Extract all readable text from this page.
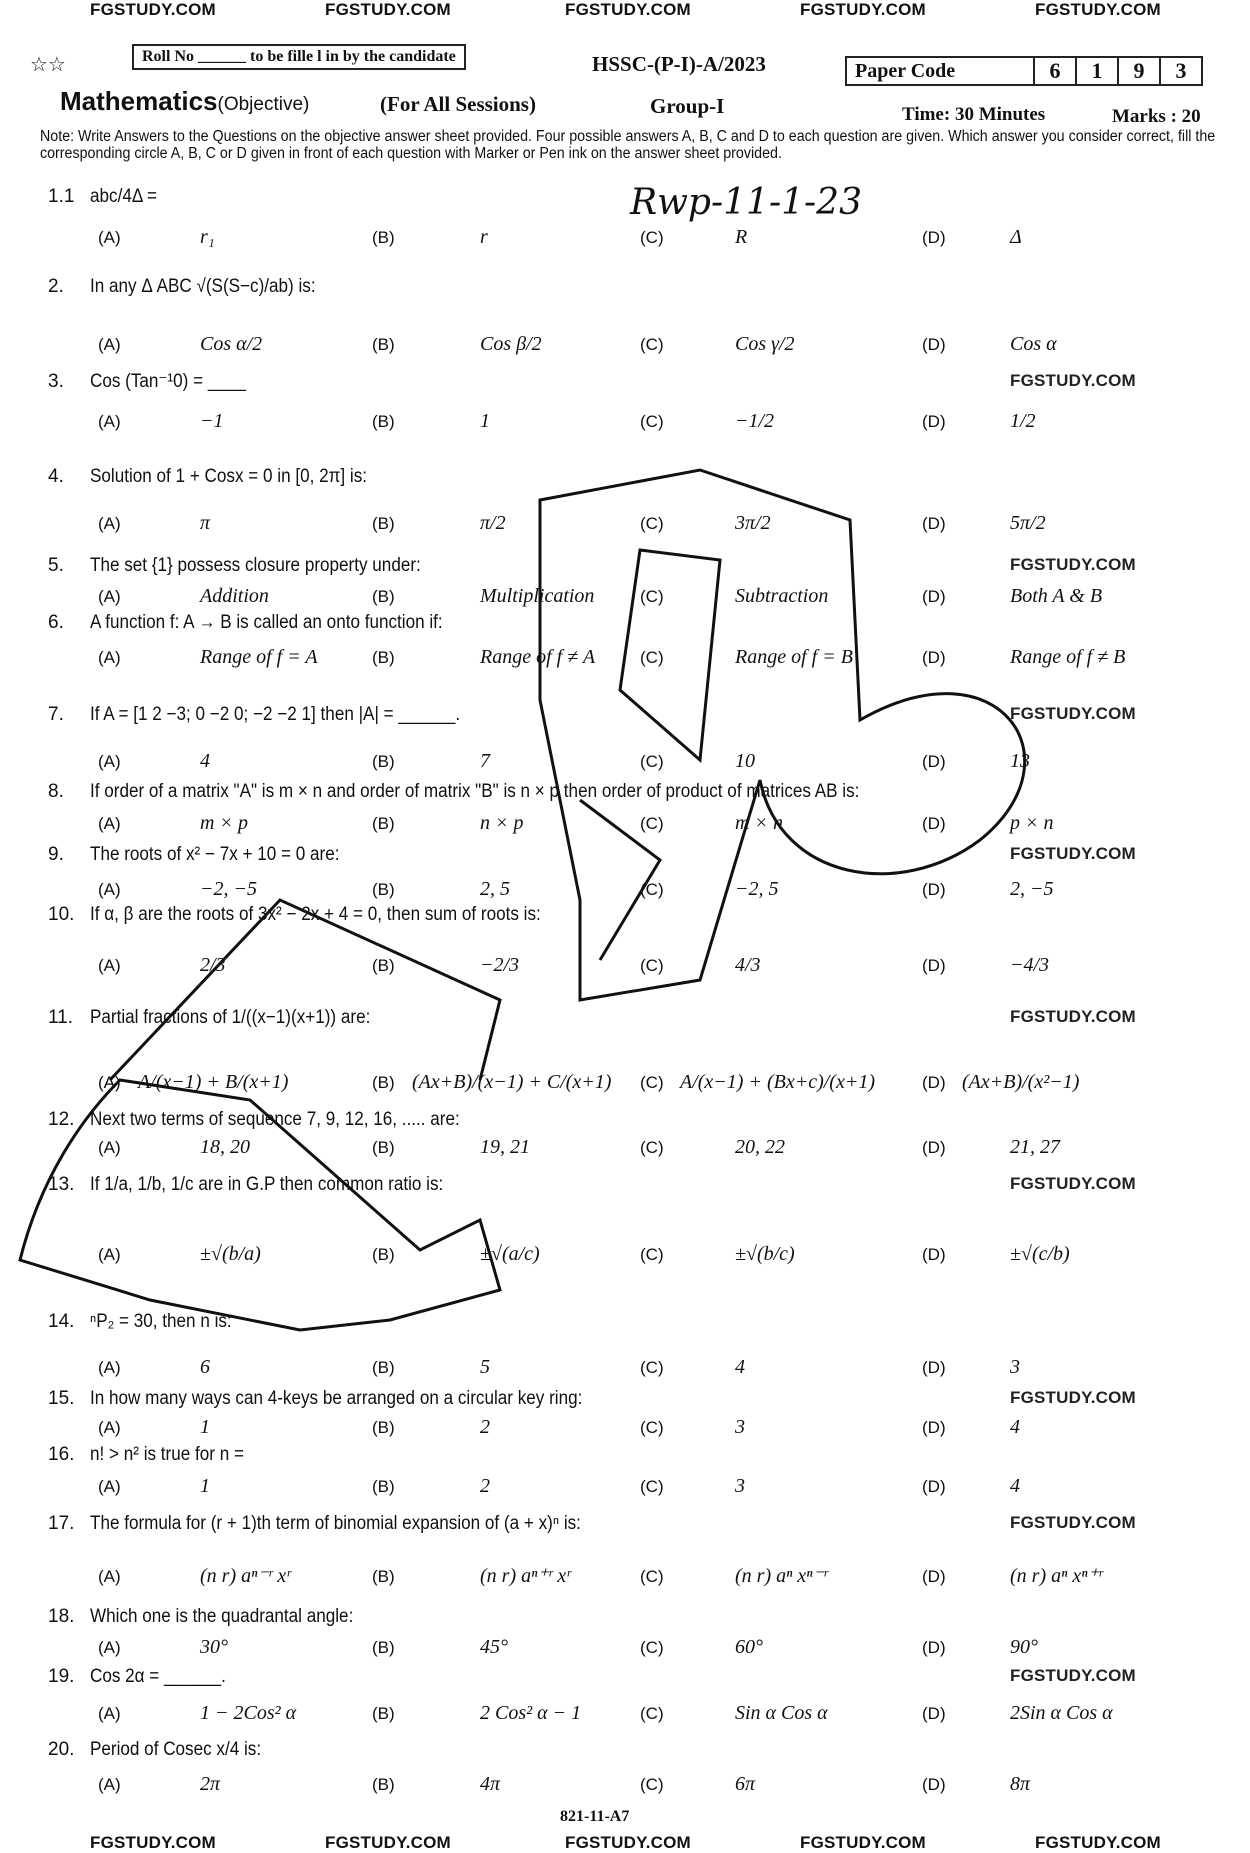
☆☆	Roll No ______ to be fille l in by the candidate	HSSC-(P-I)-A/2023	Paper Code	6	1	9	3
Mathematics(Objective)	(For All Sessions)	Group-I	Time: 30 Minutes	Marks : 20
Note: Write Answers to the Questions on the objective answer sheet provided. Four possible answers A, B, C and D to each question are given. Which answer you consider correct, fill the corresponding circle A, B, C or D given in front of each question with Marker or Pen ink on the answer sheet provided.
Rwp-11-1-23
821-11-A7
FGSTUDY.COM
FGSTUDY.COM
FGSTUDY.COM
FGSTUDY.COM
FGSTUDY.COM
FGSTUDY.COM
FGSTUDY.COM
FGSTUDY.COM
FGSTUDY.COM
FGSTUDY.COM
1.1 abc/4Δ =
(A)	r₁	(B)	r	(C)	R	(D)	Δ
2. In any Δ ABC √(S(S−c)/ab) is:
(A)	Cos α/2	(B)	Cos β/2	(C)	Cos γ/2	(D)	Cos α
3. Cos (Tan⁻¹0) = ____
(A)	−1	(B)	1	(C)	−1/2	(D)	1/2
FGSTUDY.COM
4. Solution of 1 + Cosx = 0 in [0, 2π] is:
(A)	π	(B)	π/2	(C)	3π/2	(D)	5π/2
5. The set {1} possess closure property under:
(A)	Addition	(B)	Multiplication	(C)	Subtraction	(D)	Both A & B
FGSTUDY.COM
6. A function f: A → B is called an onto function if:
(A)	Range of f = A	(B)	Range of f ≠ A	(C)	Range of f = B	(D)	Range of f ≠ B
7. If A = [1 2 −3; 0 −2 0; −2 −2 1] then |A| = ______.
(A)	4	(B)	7	(C)	10	(D)	13
FGSTUDY.COM
8. If order of a matrix "A" is m × n and order of matrix "B" is n × p then order of product of matrices AB is:
(A)	m × p	(B)	n × p	(C)	m × n	(D)	p × n
9. The roots of x² − 7x + 10 = 0 are:
(A)	−2, −5	(B)	2, 5	(C)	−2, 5	(D)	2, −5
FGSTUDY.COM
10. If α, β are the roots of 3x² − 2x + 4 = 0, then sum of roots is:
(A)	2/3	(B)	−2/3	(C)	4/3	(D)	−4/3
11. Partial fractions of 1/((x−1)(x+1)) are:
(A) A/(x−1) + B/(x+1)	(B) (Ax+B)/(x−1) + C/(x+1) (C) A/(x−1) + (Bx+c)/(x+1)	(D) (Ax+B)/(x²−1)
FGSTUDY.COM
12. Next two terms of sequence 7, 9, 12, 16, ..... are:
(A)	18, 20	(B)	19, 21	(C)	20, 22	(D)	21, 27
13. If 1/a, 1/b, 1/c are in G.P then common ratio is:
(A)	±√(b/a)	(B)	±√(a/c)	(C)	±√(b/c)	(D)	±√(c/b)
FGSTUDY.COM
14. ⁿP₂ = 30, then n is:
(A)	6	(B)	5	(C)	4	(D)	3
15. In how many ways can 4-keys be arranged on a circular key ring:
(A)	1	(B)	2	(C)	3	(D)	4
FGSTUDY.COM
16. n! > n² is true for n =
(A)	1	(B)	2	(C)	3	(D)	4
17. The formula for (r + 1)th term of binomial expansion of (a + x)ⁿ is:
(A)	(n r) aⁿ⁻ʳ xʳ	(B)	(n r) aⁿ⁺ʳ xʳ	(C)	(n r) aⁿ xⁿ⁻ʳ	(D)	(n r) aⁿ xⁿ⁺ʳ
FGSTUDY.COM
18. Which one is the quadrantal angle:
(A)	30°	(B)	45°	(C)	60°	(D)	90°
19. Cos 2α = ______.
(A)	1 − 2Cos² α	(B)	2 Cos² α − 1	(C)	Sin α Cos α	(D)	2Sin α Cos α
FGSTUDY.COM
20. Period of Cosec x/4 is:
(A)	2π	(B)	4π	(C)	6π	(D)	8π
